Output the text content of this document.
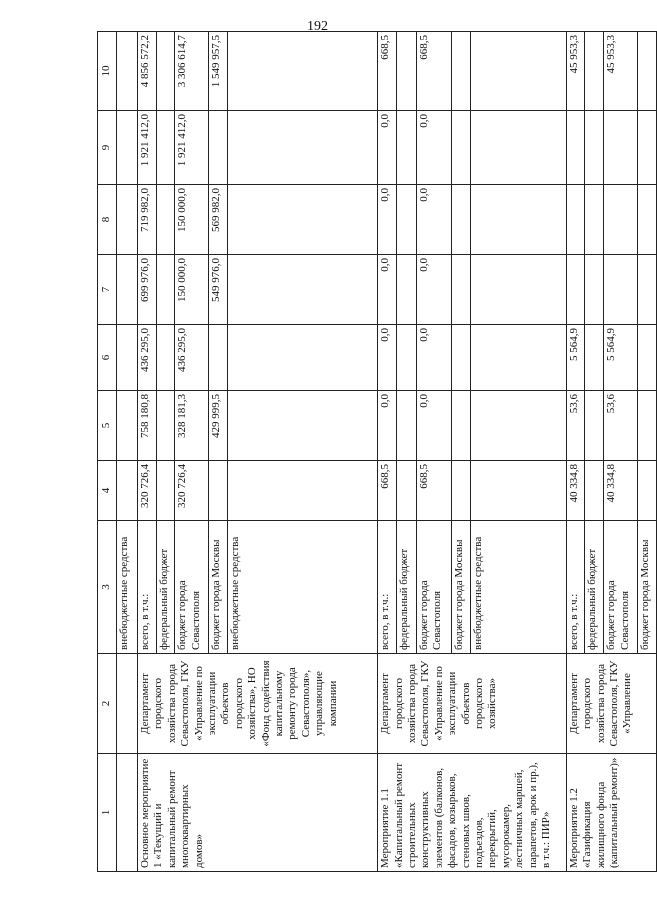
192
1	2	3	4	5	6	7	8	9	10
		внебюджетные средства							
Основное мероприятие 1 «Текущий и капитальный ремонт многоквартирных домов»	Департамент городского хозяйства города Севастополя, ГКУ «Управление по эксплуатации объектов городского хозяйства», НО «Фонд содействия капитальному ремонту города Севастополя», управляющие компании	всего, в т.ч.:	320 726,4	758 180,8	436 295,0	699 976,0	719 982,0	1 921 412,0	4 856 572,2
		федеральный бюджет							
		бюджет города Севастополя	320 726,4	328 181,3	436 295,0	150 000,0	150 000,0	1 921 412,0	3 306 614,7
		бюджет города Москвы		429 999,5		549 976,0	569 982,0		1 549 957,5
		внебюджетные средства							
Мероприятие 1.1 «Капитальный ремонт строительных конструктивных элементов (балконов, фасадов, козырьков, стеновых швов, подъездов, перекрытий, мусорокамер, лестничных маршей, парапетов, арок и пр.), в т.ч.: ПИР»	Департамент городского хозяйства города Севастополя, ГКУ «Управление по эксплуатации объектов городского хозяйства»	всего, в т.ч.:	668,5	0,0	0,0	0,0	0,0	0,0	668,5
		федеральный бюджет							
		бюджет города Севастополя	668,5	0,0	0,0	0,0	0,0	0,0	668,5
		бюджет города Москвы							
		внебюджетные средства							
Мероприятие 1.2 «Газификация жилищного фонда (капитальный ремонт)»	Департамент городского хозяйства города Севастополя, ГКУ «Управление	всего, в т.ч.:	40 334,8	53,6	5 564,9				45 953,3
		федеральный бюджет							
		бюджет города Севастополя	40 334,8	53,6	5 564,9				45 953,3
		бюджет города Москвы							
